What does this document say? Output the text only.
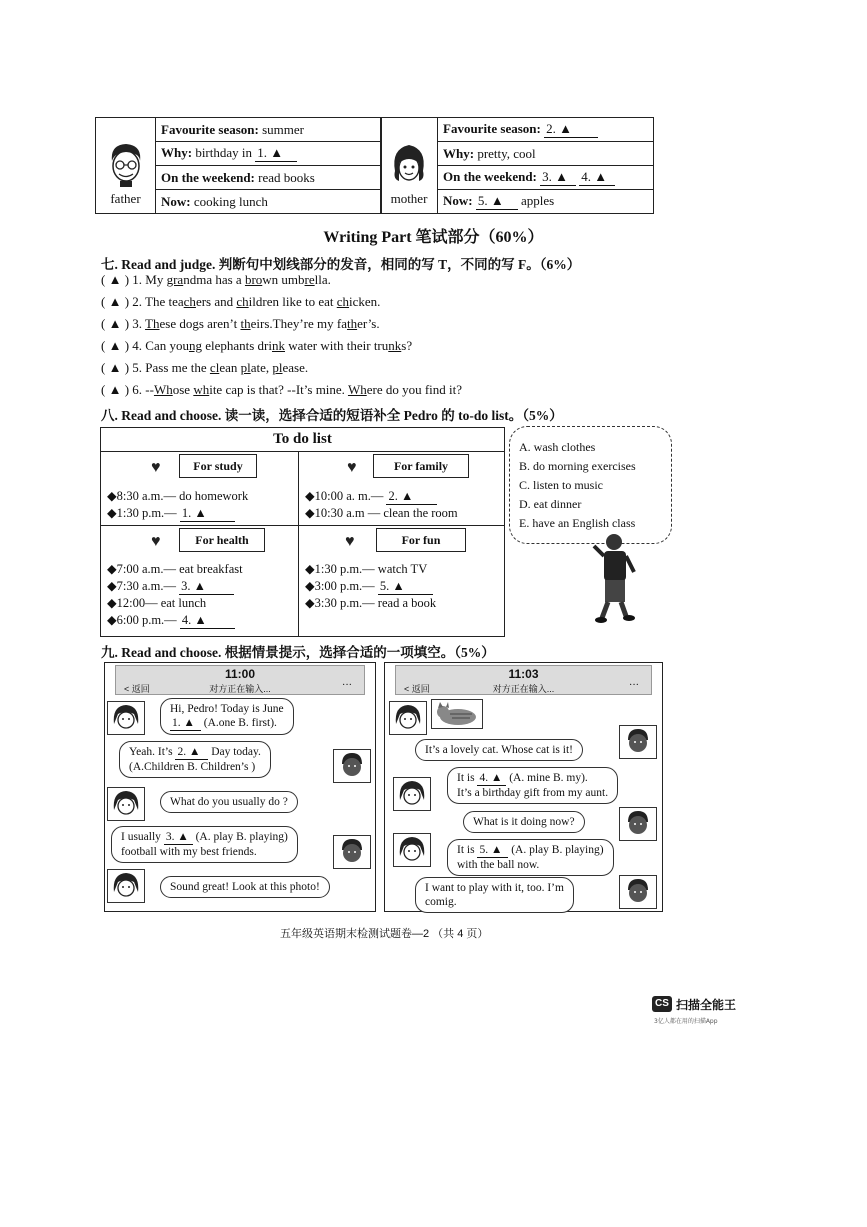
father	Favourite season: summer
Why: birthday in 1. ▲
On the weekend: read books
Now: cooking lunch	mother	Favourite season: 2. ▲
Why: pretty, cool
On the weekend: 3. ▲ 4. ▲
Now: 5. ▲ apples
Writing Part 笔试部分（60%）
七. Read and judge. 判断句中划线部分的发音，相同的写 T，不同的写 F。（6%）
( ▲ ) 1. My grandma has a brown umbrella.
( ▲ ) 2. The teachers and children like to eat chicken.
( ▲ ) 3. These dogs aren’t theirs.They’re my father’s.
( ▲ ) 4. Can young elephants drink water with their trunks?
( ▲ ) 5. Pass me the clean plate, please.
( ▲ ) 6. --Whose white cap is that? --It’s mine. Where do you find it?
八. Read and choose. 读一读，选择合适的短语补全 Pedro 的 to-do list。（5%）
To do list
♥	For study
◆8:30 a.m.— do homework
◆1:30 p.m.— 1. ▲
♥	For family
◆10:00 a. m.— 2. ▲
◆10:30 a.m — clean the room
♥	For health
◆7:00 a.m.— eat breakfast
◆7:30 a.m.— 3. ▲
◆12:00— eat lunch
◆6:00 p.m.— 4. ▲
♥	For fun
◆1:30 p.m.— watch TV
◆3:00 p.m.— 5. ▲
◆3:30 p.m.— read a book
A. wash clothes
B. do morning exercises
C. listen to music
D. eat dinner
E. have an English class
九. Read and choose. 根据情景提示，选择合适的一项填空。（5%）
11:00
< 返回	对方正在输入...	···
Hi, Pedro! Today is June
1. ▲ (A.one B. first).
Yeah. It’s 2. ▲ Day today.
(A.Children B. Children’s )
What do you usually do ?
I usually 3. ▲ (A. play B. playing)
football with my best friends.
Sound great! Look at this photo!
11:03
< 返回	对方正在输入...	···
It’s a lovely cat. Whose cat is it!
It is 4. ▲ (A. mine B. my).
It’s a birthday gift from my aunt.
What is it doing now?
It is 5. ▲ (A. play B. playing)
with the ball now.
I want to play with it, too. I’m
comig.
五年级英语期末检测试题卷—2 （共 4 页）
CS 扫描全能王
3亿人都在用的扫描App
